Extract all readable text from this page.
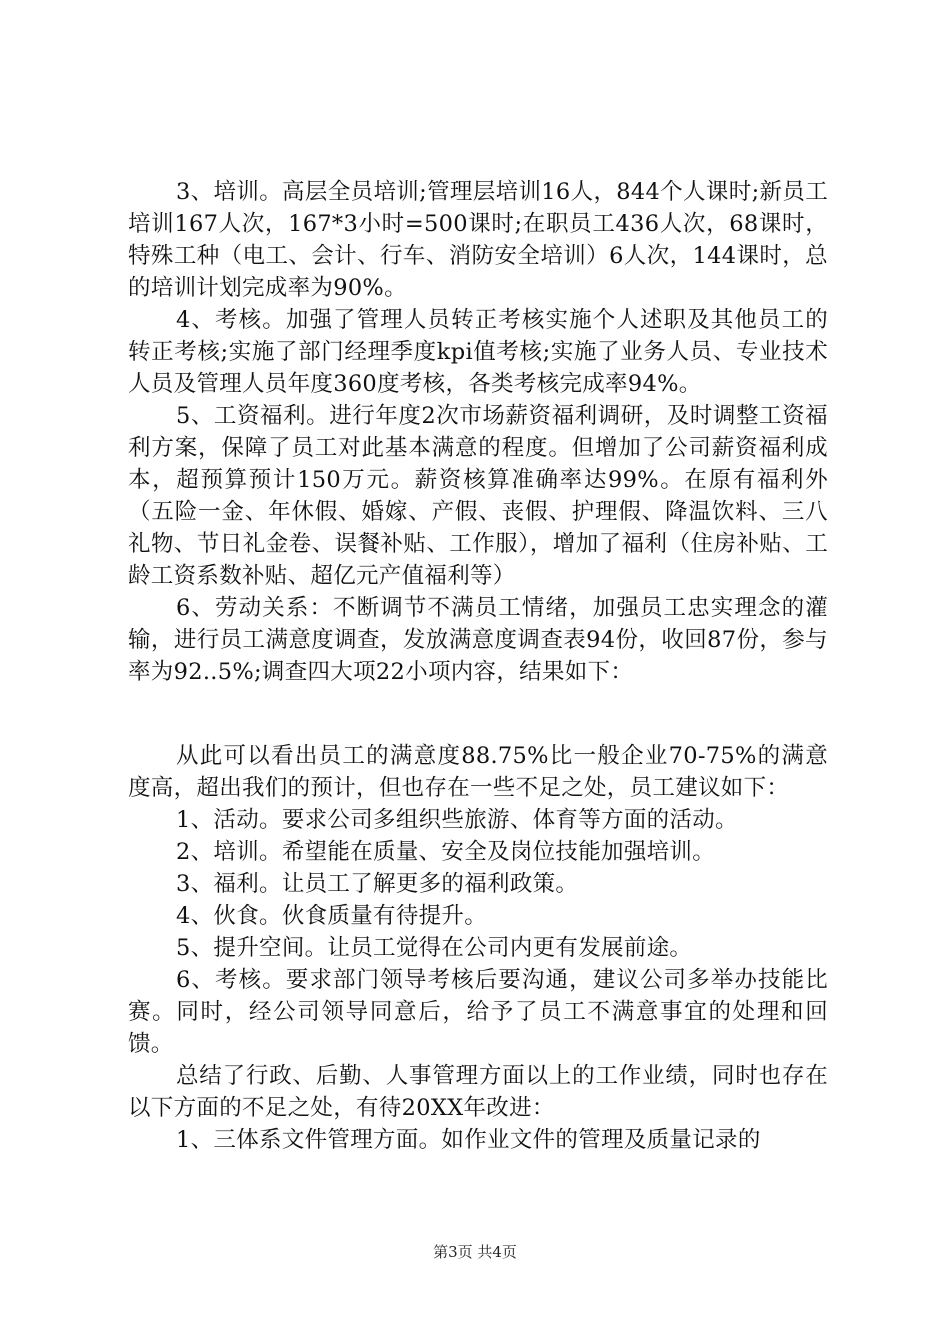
3、培训。高层全员培训;管理层培训16人，844个人课时;新员工培训167人次，167*3小时=500课时;在职员工436人次，68课时，特殊工种（电工、会计、行车、消防安全培训）6人次，144课时，总的培训计划完成率为90%。

4、考核。加强了管理人员转正考核实施个人述职及其他员工的转正考核;实施了部门经理季度kpi值考核;实施了业务人员、专业技术人员及管理人员年度360度考核，各类考核完成率94%。

5、工资福利。进行年度2次市场薪资福利调研，及时调整工资福利方案，保障了员工对此基本满意的程度。但增加了公司薪资福利成本，超预算预计150万元。薪资核算准确率达99%。在原有福利外（五险一金、年休假、婚嫁、产假、丧假、护理假、降温饮料、三八礼物、节日礼金卷、误餐补贴、工作服），增加了福利（住房补贴、工龄工资系数补贴、超亿元产值福利等）

6、劳动关系：不断调节不满员工情绪，加强员工忠实理念的灌输，进行员工满意度调查，发放满意度调查表94份，收回87份，参与率为92..5%;调查四大项22小项内容，结果如下：

从此可以看出员工的满意度88.75%比一般企业70-75%的满意度高，超出我们的预计，但也存在一些不足之处，员工建议如下：

1、活动。要求公司多组织些旅游、体育等方面的活动。

2、培训。希望能在质量、安全及岗位技能加强培训。

3、福利。让员工了解更多的福利政策。

4、伙食。伙食质量有待提升。

5、提升空间。让员工觉得在公司内更有发展前途。

6、考核。要求部门领导考核后要沟通，建议公司多举办技能比赛。同时，经公司领导同意后，给予了员工不满意事宜的处理和回馈。

总结了行政、后勤、人事管理方面以上的工作业绩，同时也存在以下方面的不足之处，有待20XX年改进：

1、三体系文件管理方面。如作业文件的管理及质量记录的

第3页 共4页
